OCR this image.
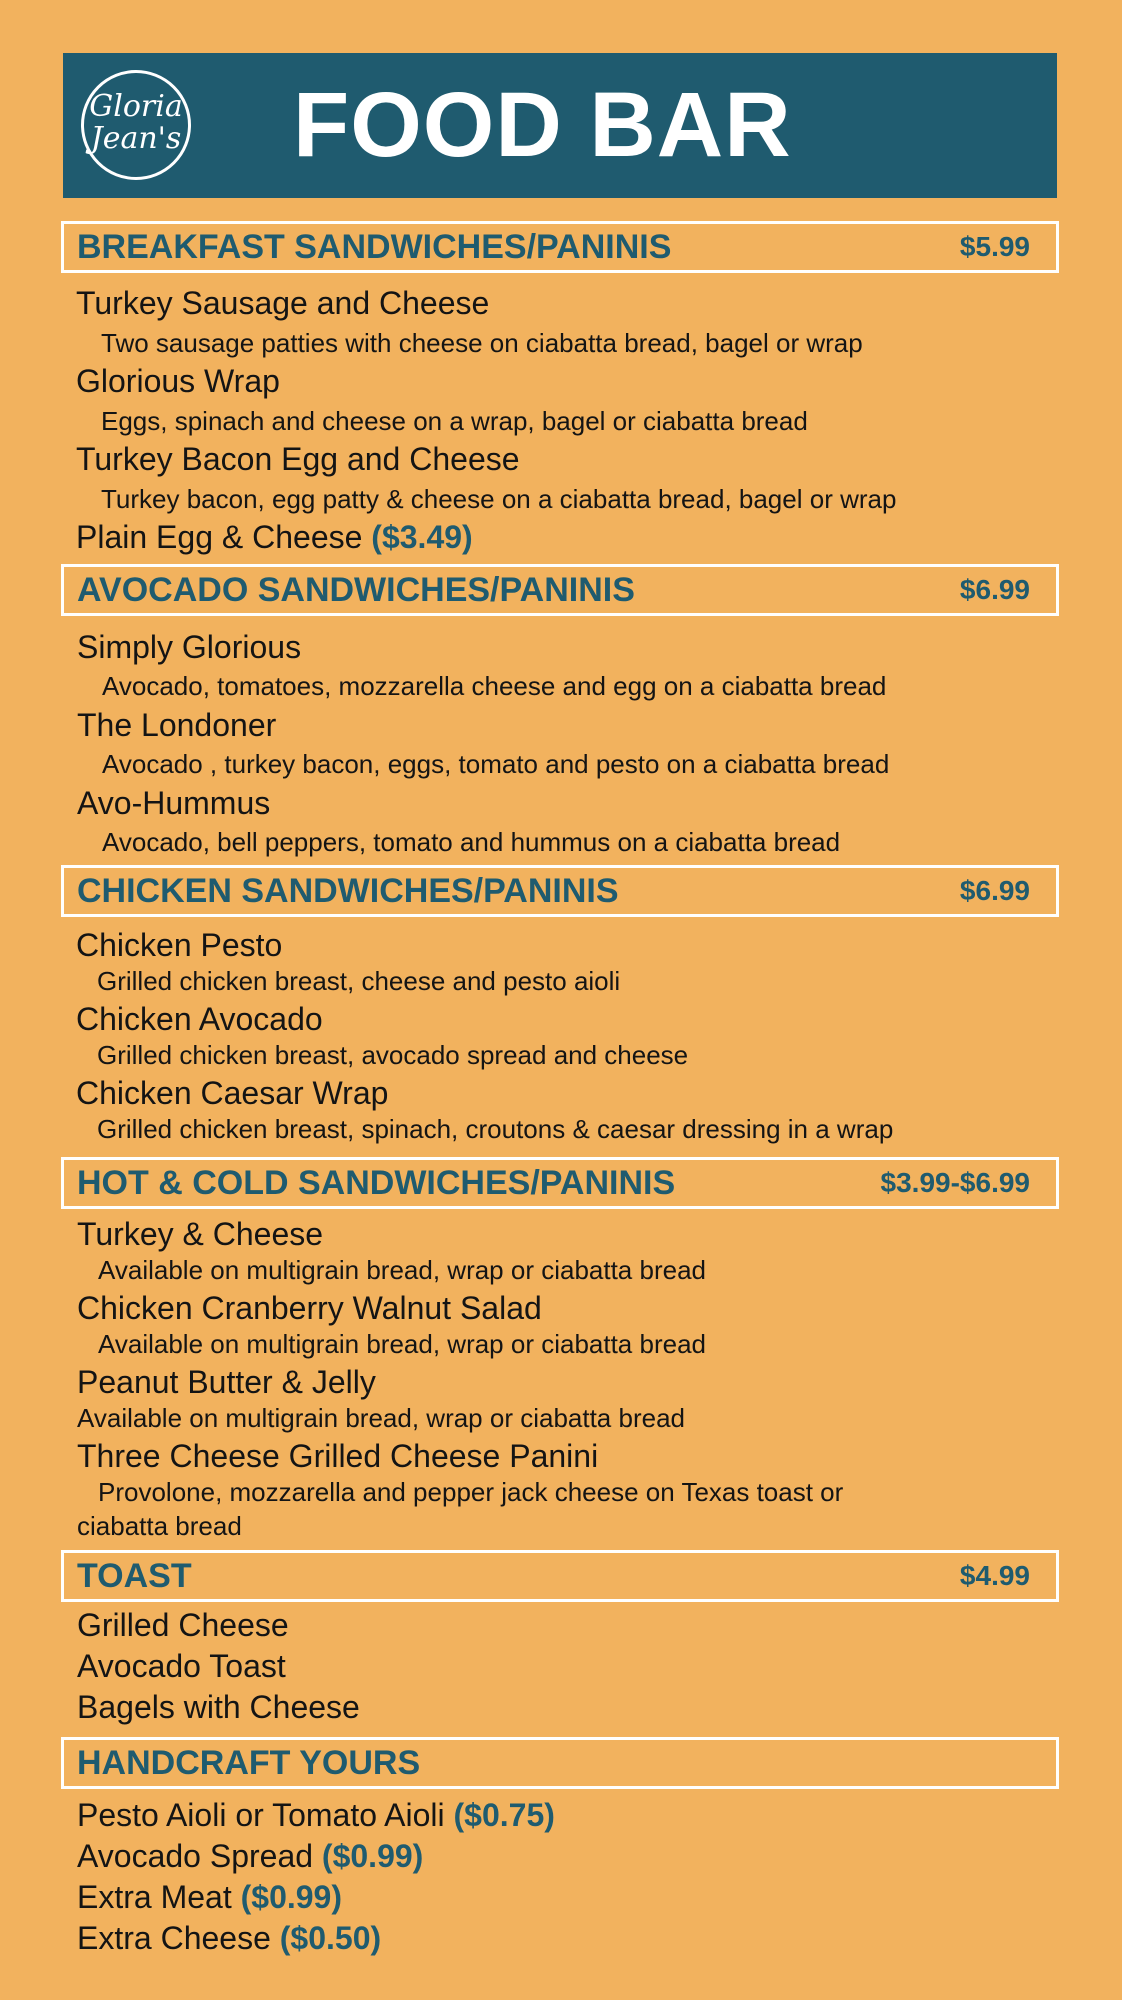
Gloria
Jean's FOOD BAR
BREAKFAST SANDWICHES/PANINIS	$5.99
Turkey Sausage and Cheese
Two sausage patties with cheese on ciabatta bread, bagel or wrap
Glorious Wrap
Eggs, spinach and cheese on a wrap, bagel or ciabatta bread
Turkey Bacon Egg and Cheese
Turkey bacon, egg patty & cheese on a ciabatta bread, bagel or wrap
Plain Egg & Cheese ($3.49)
AVOCADO SANDWICHES/PANINIS	$6.99
Simply Glorious
Avocado, tomatoes, mozzarella cheese and egg on a ciabatta bread
The Londoner
Avocado , turkey bacon, eggs, tomato and pesto on a ciabatta bread
Avo-Hummus
Avocado, bell peppers, tomato and hummus on a ciabatta bread
CHICKEN SANDWICHES/PANINIS	$6.99
Chicken Pesto
Grilled chicken breast, cheese and pesto aioli
Chicken Avocado
Grilled chicken breast, avocado spread and cheese
Chicken Caesar Wrap
Grilled chicken breast, spinach, croutons & caesar dressing in a wrap
HOT & COLD SANDWICHES/PANINIS	$3.99-$6.99
Turkey & Cheese
Available on multigrain bread, wrap or ciabatta bread
Chicken Cranberry Walnut Salad
Available on multigrain bread, wrap or ciabatta bread
Peanut Butter & Jelly
Available on multigrain bread, wrap or ciabatta bread
Three Cheese Grilled Cheese Panini
Provolone, mozzarella and pepper jack cheese on Texas toast or
ciabatta bread
TOAST	$4.99
Grilled Cheese
Avocado Toast
Bagels with Cheese
HANDCRAFT YOURS
Pesto Aioli or Tomato Aioli ($0.75)
Avocado Spread ($0.99)
Extra Meat ($0.99)
Extra Cheese ($0.50)
